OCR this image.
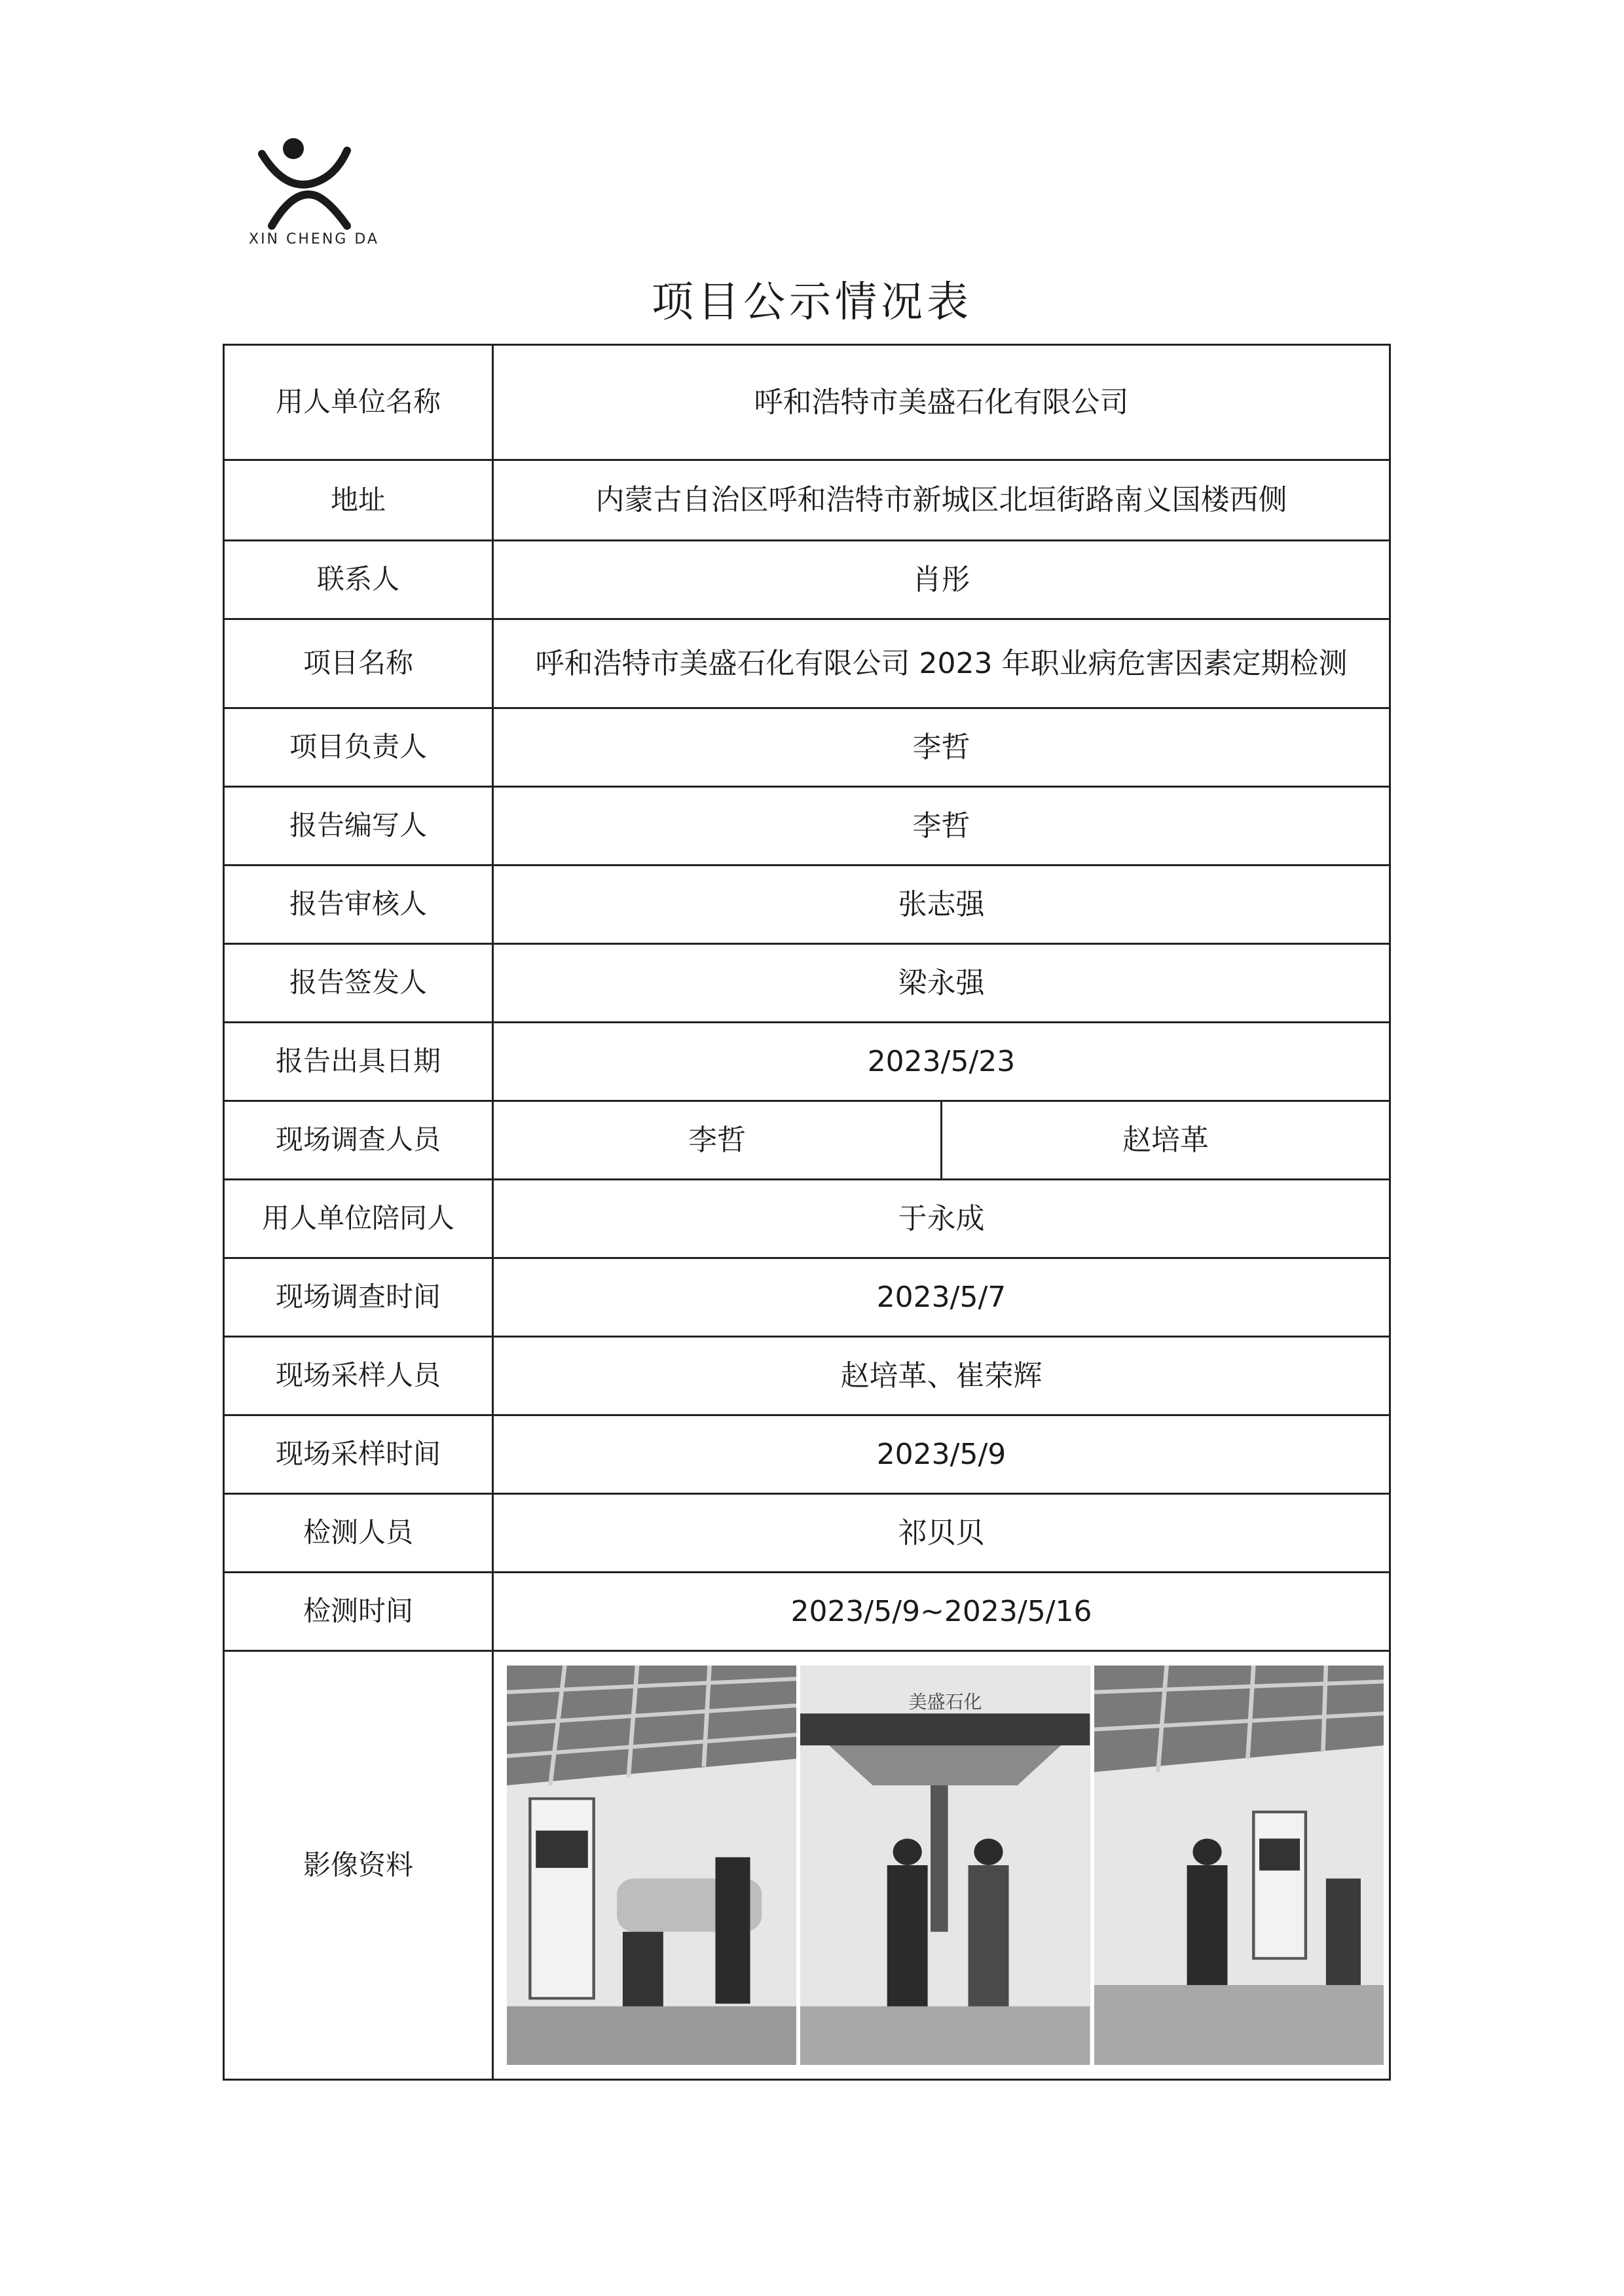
XIN CHENG DA
项目公示情况表
用人单位名称	呼和浩特市美盛石化有限公司	
地址	内蒙古自治区呼和浩特市新城区北垣街路南义国楼西侧	
联系人	肖彤	
项目名称	呼和浩特市美盛石化有限公司 2023 年职业病危害因素定期检测	
项目负责人	李哲	
报告编写人	李哲	
报告审核人	张志强	
报告签发人	梁永强	
报告出具日期	2023/5/23	
现场调查人员	李哲	赵培革
用人单位陪同人	于永成	
现场调查时间	2023/5/7	
现场采样人员	赵培革、崔荣辉	
现场采样时间	2023/5/9	
检测人员	祁贝贝	
检测时间	2023/5/9~2023/5/16	
影像资料	美盛石化	
